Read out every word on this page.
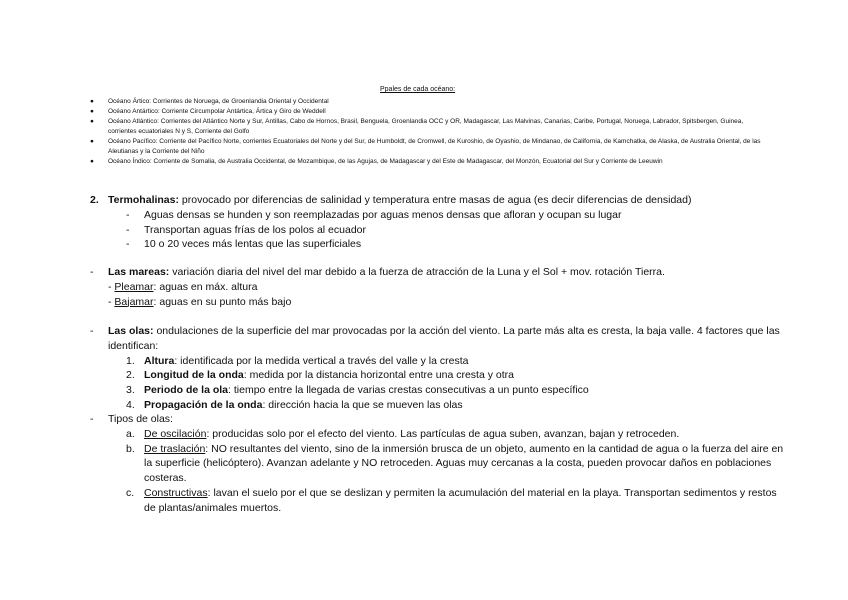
Ppales de cada océano:
● Océano Ártico: Corrientes de Noruega, de Groenlandia Oriental y Occidental
● Océano Antártico: Corriente Circumpolar Antártica, Ártica y Giro de Weddell
● Océano Atlántico: Corrientes del Atlántico Norte y Sur, Antillas, Cabo de Hornos, Brasil, Benguela, Groenlandia OCC y OR, Madagascar, Las Malvinas, Canarias, Caribe, Portugal, Noruega, Labrador, Spitsbergen, Guinea, corrientes ecuatoriales N y S, Corriente del Golfo
● Océano Pacífico: Corriente del Pacífico Norte, corrientes Ecuatoriales del Norte y del Sur, de Humboldt, de Cromwell, de Kuroshio, de Oyashio, de Mindanao, de California, de Kamchatka, de Alaska, de Australia Oriental, de las Aleutianas y la Corriente del Niño
● Océano Índico: Corriente de Somalia, de Australia Occidental, de Mozambique, de las Agujas, de Madagascar y del Este de Madagascar, del Monzón, Ecuatorial del Sur y Corriente de Leeuwin
2. Termohalinas: provocado por diferencias de salinidad y temperatura entre masas de agua (es decir diferencias de densidad)
- Aguas densas se hunden y son reemplazadas por aguas menos densas que afloran y ocupan su lugar
- Transportan aguas frías de los polos al ecuador
- 10 o 20 veces más lentas que las superficiales
- Las mareas: variación diaria del nivel del mar debido a la fuerza de atracción de la Luna y el Sol + mov. rotación Tierra.
- Pleamar: aguas en máx. altura
- Bajamar: aguas en su punto más bajo
- Las olas: ondulaciones de la superficie del mar provocadas por la acción del viento. La parte más alta es cresta, la baja valle. 4 factores que las identifican:
1. Altura: identificada por la medida vertical a través del valle y la cresta
2. Longitud de la onda: medida por la distancia horizontal entre una cresta y otra
3. Periodo de la ola: tiempo entre la llegada de varias crestas consecutivas a un punto específico
4. Propagación de la onda: dirección hacia la que se mueven las olas
- Tipos de olas:
a. De oscilación: producidas solo por el efecto del viento. Las partículas de agua suben, avanzan, bajan y retroceden.
b. De traslación: NO resultantes del viento, sino de la inmersión brusca de un objeto, aumento en la cantidad de agua o la fuerza del aire en la superficie (helicóptero). Avanzan adelante y NO retroceden. Aguas muy cercanas a la costa, pueden provocar daños en poblaciones costeras.
c. Constructivas: lavan el suelo por el que se deslizan y permiten la acumulación del material en la playa. Transportan sedimentos y restos de plantas/animales muertos.
